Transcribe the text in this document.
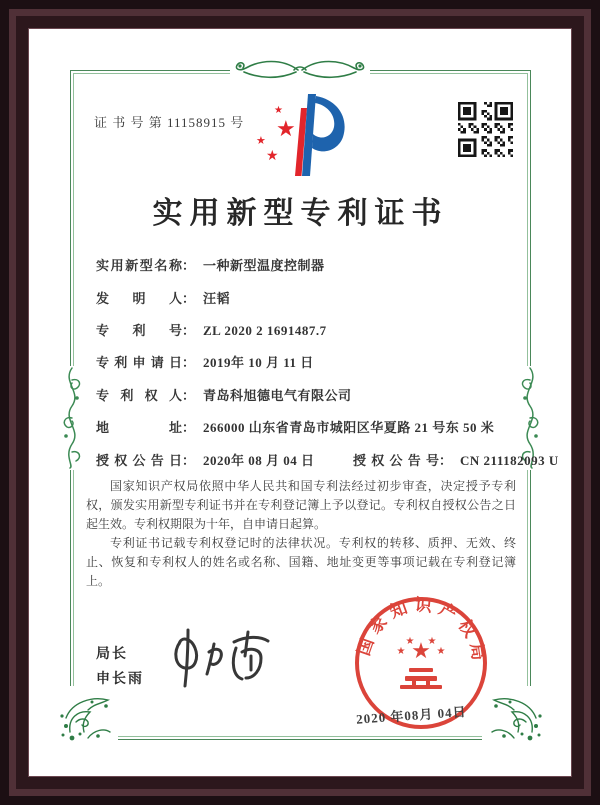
证 书 号 第 11158915 号
★
★
★
★
实用新型专利证书
实用新型名称： 一种新型温度控制器
发明人： 汪韬
专利号： ZL 2020 2 1691487.7
专利申请日： 2019年 10 月 11 日
专利权人： 青岛科旭德电气有限公司
地址： 266000 山东省青岛市城阳区华夏路 21 号东 50 米
授权公告日： 2020年 08 月 04 日	授权公告号： CN 211182093 U

国家知识产权局依照中华人民共和国专利法经过初步审查，决定授予专利权，颁发实用新型专利证书并在专利登记簿上予以登记。专利权自授权公告之日起生效。专利权期限为十年，自申请日起算。

专利证书记载专利权登记时的法律状况。专利权的转移、质押、无效、终止、恢复和专利权人的姓名或名称、国籍、地址变更等事项记载在专利登记簿上。

局长
申长雨
国家知识产权局
★
★
★ ★
★
2020 年08月 04日
